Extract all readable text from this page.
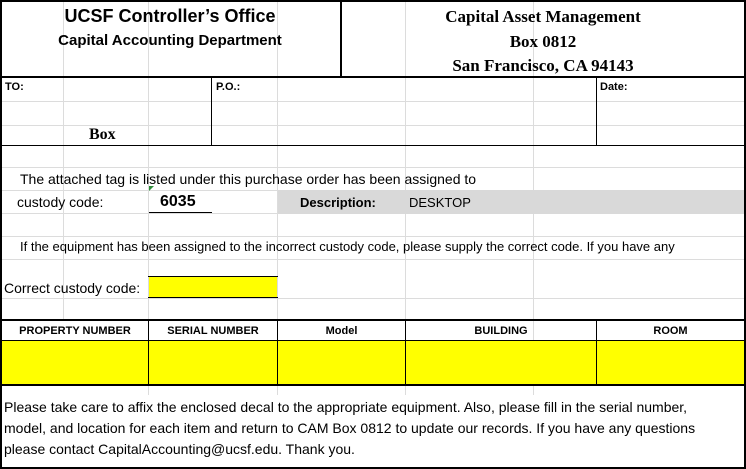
UCSF Controller’s Office
Capital Accounting Department
Capital Asset Management
Box 0812
San Francisco, CA 94143
TO:	P.O.:	Date:
Box
The attached tag is listed under this purchase order has been assigned to
custody code:	6035	Description:	DESKTOP
If the equipment has been assigned to the incorrect custody code, please supply the correct code. If you have any
Correct custody code:
PROPERTY NUMBER	SERIAL NUMBER	Model	BUILDING	ROOM
Please take care to affix the enclosed decal to the appropriate equipment. Also, please fill in the serial number,
model, and location for each item and return to CAM Box 0812 to update our records. If you have any questions
please contact CapitalAccounting@ucsf.edu. Thank you.
